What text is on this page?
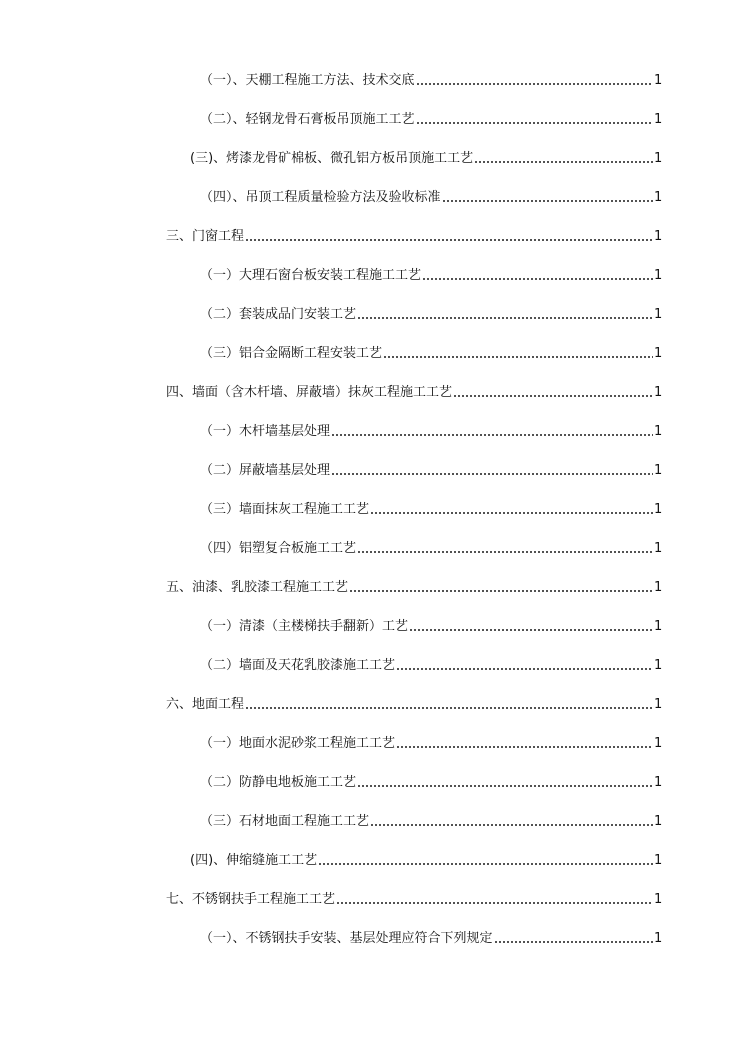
（一）、天棚工程施工方法、技术交底	1
（二）、轻钢龙骨石膏板吊顶施工工艺	1
(三)、烤漆龙骨矿棉板、微孔铝方板吊顶施工工艺	1
（四）、吊顶工程质量检验方法及验收标准	1
三、门窗工程	1
（一）大理石窗台板安装工程施工工艺	1
（二）套装成品门安装工艺	1
（三）铝合金隔断工程安装工艺	1
四、墙面（含木杆墙、屏蔽墙）抹灰工程施工工艺	1
（一）木杆墙基层处理	1
（二）屏蔽墙基层处理	1
（三）墙面抹灰工程施工工艺	1
（四）铝塑复合板施工工艺	1
五、油漆、乳胶漆工程施工工艺	1
（一）清漆（主楼梯扶手翻新）工艺	1
（二）墙面及天花乳胶漆施工工艺	1
六、地面工程	1
（一）地面水泥砂浆工程施工工艺	1
（二）防静电地板施工工艺	1
（三）石材地面工程施工工艺	1
(四)、伸缩缝施工工艺	1
七、不锈钢扶手工程施工工艺	1
（一）、不锈钢扶手安装、基层处理应符合下列规定	1
